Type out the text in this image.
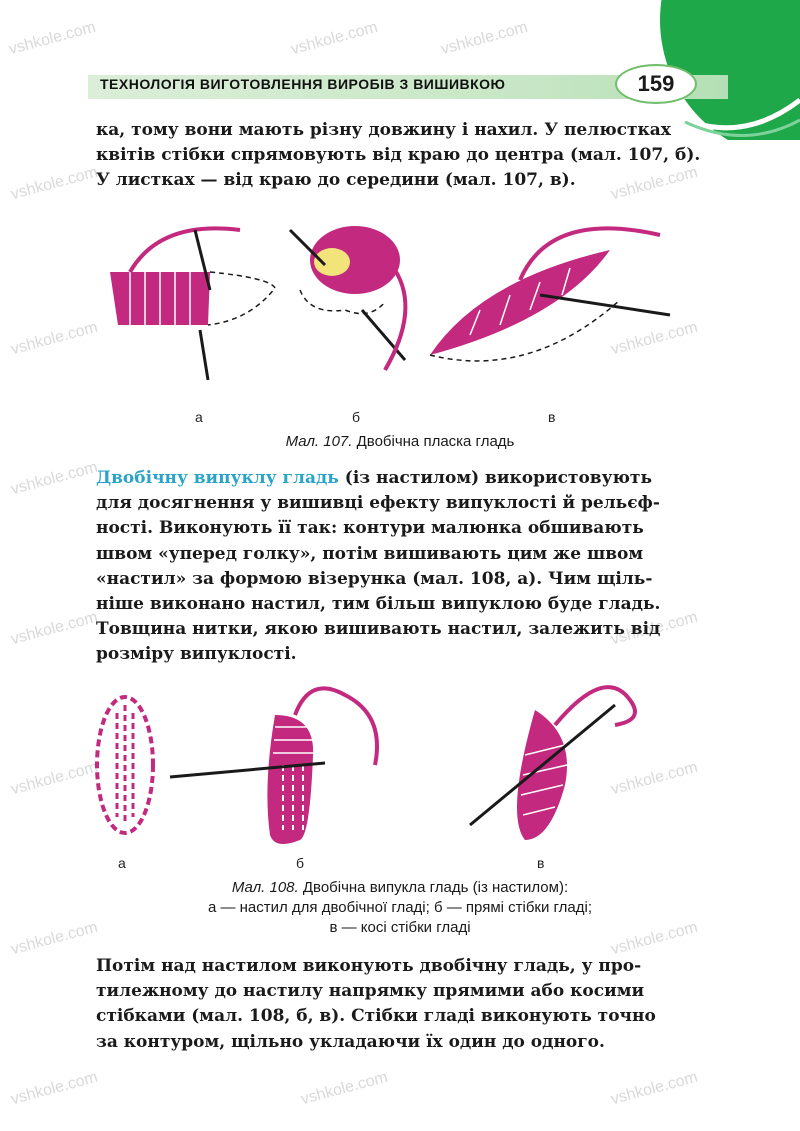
ТЕХНОЛОГІЯ ВИГОТОВЛЕННЯ ВИРОБІВ З ВИШИВКОЮ	159
vshkole.com	vshkole.com	vshkole.com
vshkole.com	vshkole.com
vshkole.com	vshkole.com
vshkole.com
vshkole.com	vshkole.com
vshkole.com	vshkole.com
vshkole.com	vshkole.com
vshkole.com	vshkole.com	vshkole.com

ка, тому вони мають різну довжину і нахил. У пелюстках

квітів стібки спрямовують від краю до центра (мал. 107, б).

У листках — від краю до середини (мал. 107, в).

а	б	в
Мал. 107. Двобічна пласка гладь

Двобічну випуклу гладь (із настилом) використовують

для досягнення у вишивці ефекту випуклості й рельєф-

ності. Виконують її так: контури малюнка обшивають

швом «уперед голку», потім вишивають цим же швом

«настил» за формою візерунка (мал. 108, а). Чим щіль-

ніше виконано настил, тим більш випуклою буде гладь.

Товщина нитки, якою вишивають настил, залежить від

розміру випуклості.

а	б	в
Мал. 108. Двобічна випукла гладь (із настилом):
а — настил для двобічної гладі; б — прямі стібки гладі;
в — косі стібки гладі

Потім над настилом виконують двобічну гладь, у про-

тилежному до настилу напрямку прямими або косими

стібками (мал. 108, б, в). Стібки гладі виконують точно

за контуром, щільно укладаючи їх один до одного.
